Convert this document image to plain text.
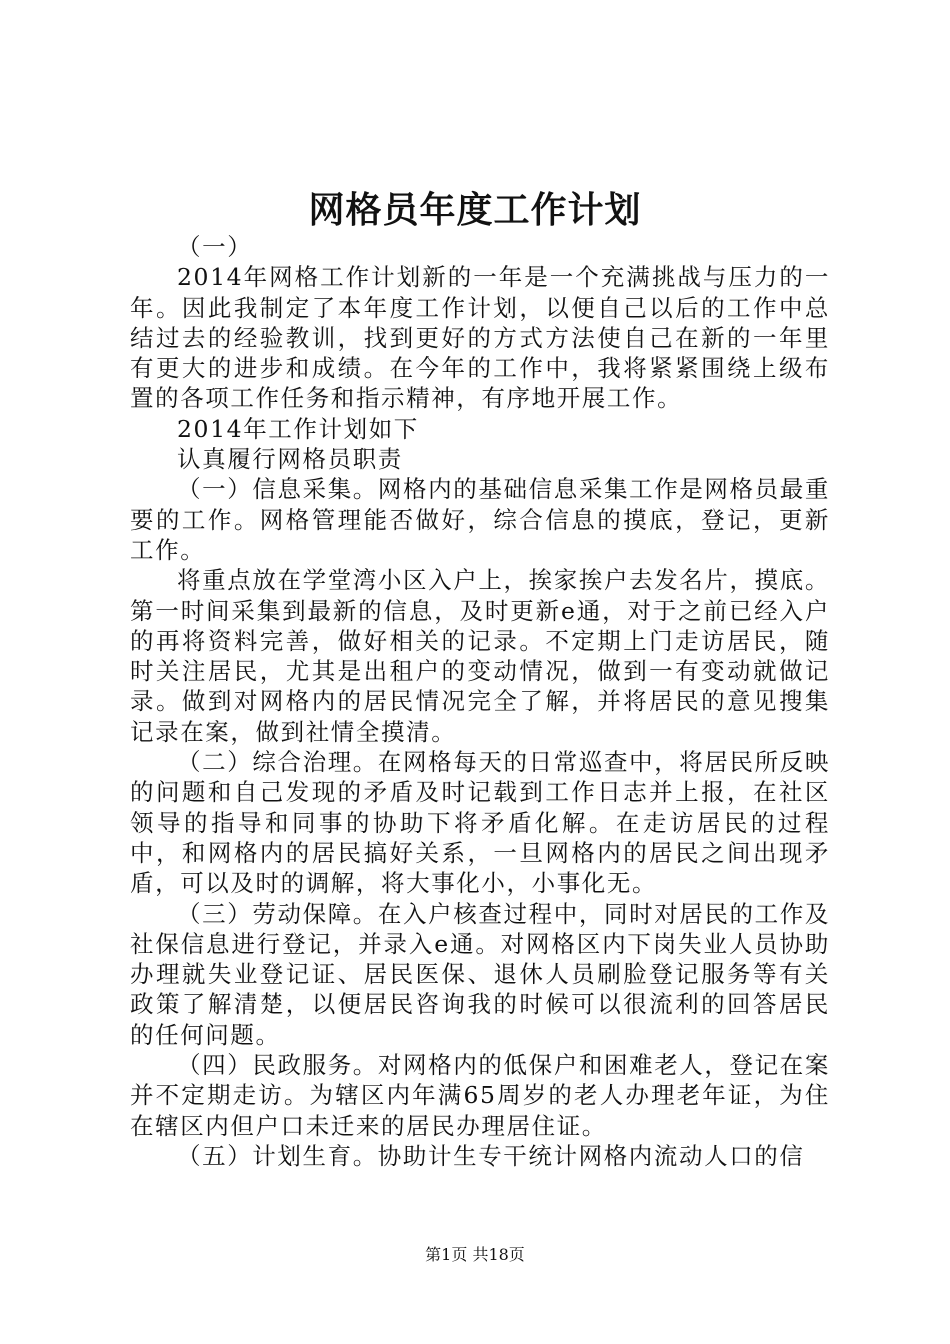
网格员年度工作计划

（一）

2014年网格工作计划新的一年是一个充满挑战与压力的一年。因此我制定了本年度工作计划，以便自己以后的工作中总结过去的经验教训，找到更好的方式方法使自己在新的一年里有更大的进步和成绩。在今年的工作中，我将紧紧围绕上级布置的各项工作任务和指示精神，有序地开展工作。

2014年工作计划如下

认真履行网格员职责

（一）信息采集。网格内的基础信息采集工作是网格员最重要的工作。网格管理能否做好，综合信息的摸底，登记，更新工作。

将重点放在学堂湾小区入户上，挨家挨户去发名片，摸底。第一时间采集到最新的信息，及时更新e通，对于之前已经入户的再将资料完善，做好相关的记录。不定期上门走访居民，随时关注居民，尤其是出租户的变动情况，做到一有变动就做记录。做到对网格内的居民情况完全了解，并将居民的意见搜集记录在案，做到社情全摸清。

（二）综合治理。在网格每天的日常巡查中，将居民所反映的问题和自己发现的矛盾及时记载到工作日志并上报，在社区领导的指导和同事的协助下将矛盾化解。在走访居民的过程中，和网格内的居民搞好关系，一旦网格内的居民之间出现矛盾，可以及时的调解，将大事化小，小事化无。

（三）劳动保障。在入户核查过程中，同时对居民的工作及社保信息进行登记，并录入e通。对网格区内下岗失业人员协助办理就失业登记证、居民医保、退休人员刷脸登记服务等有关政策了解清楚，以便居民咨询我的时候可以很流利的回答居民的任何问题。

（四）民政服务。对网格内的低保户和困难老人，登记在案并不定期走访。为辖区内年满65周岁的老人办理老年证，为住在辖区内但户口未迁来的居民办理居住证。

（五）计划生育。协助计生专干统计网格内流动人口的信

第1页 共18页
